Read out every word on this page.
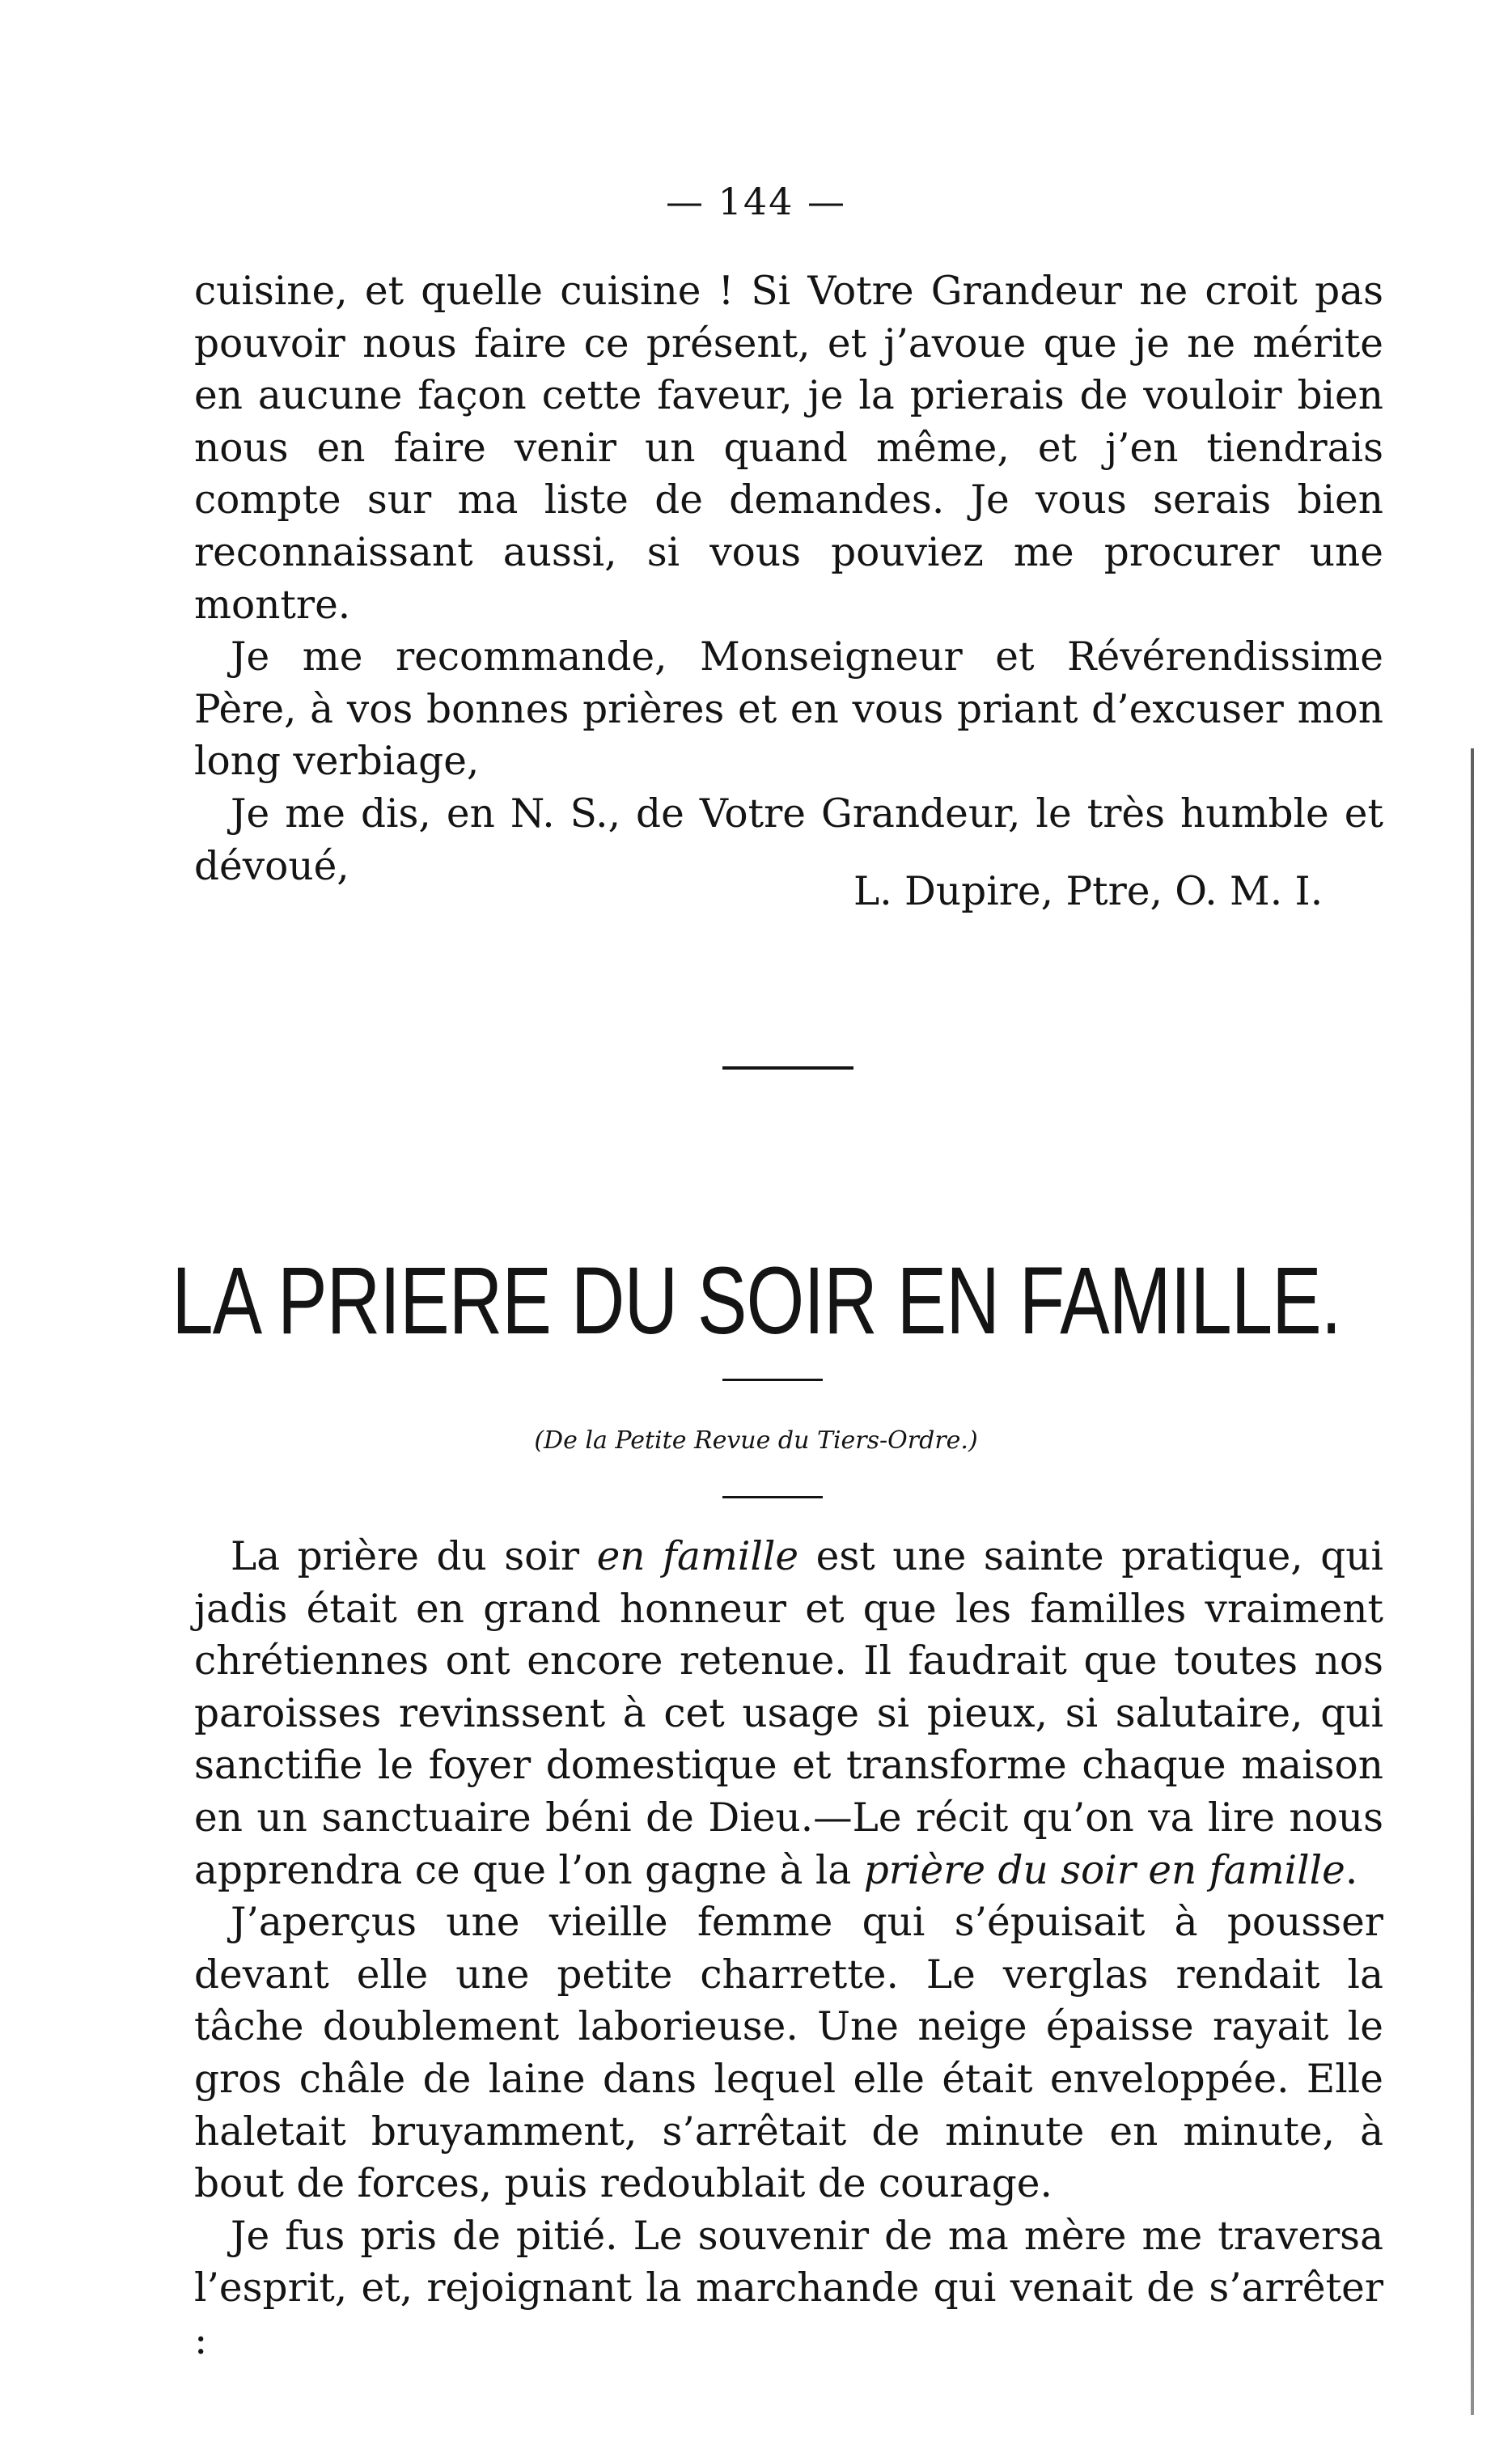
— 144 —

cuisine, et quelle cuisine ! Si Votre Grandeur ne croit pas pouvoir nous faire ce présent, et j’avoue que je ne mérite en aucune façon cette faveur, je la prierais de vouloir bien nous en faire venir un quand même, et j’en tiendrais compte sur ma liste de demandes. Je vous serais bien reconnaissant aussi, si vous pouviez me procurer une montre.

Je me recommande, Monseigneur et Révérendissime Père, à vos bonnes prières et en vous priant d’excuser mon long verbiage,

Je me dis, en N. S., de Votre Grandeur, le très humble et dévoué,

L. Dupire, Ptre, O. M. I.
LA PRIERE DU SOIR EN FAMILLE.
(De la Petite Revue du Tiers-Ordre.)

La prière du soir en famille est une sainte pratique, qui jadis était en grand honneur et que les familles vraiment chrétiennes ont encore retenue. Il faudrait que toutes nos paroisses revinssent à cet usage si pieux, si salutaire, qui sanctifie le foyer domestique et transforme chaque maison en un sanctuaire béni de Dieu.—Le récit qu’on va lire nous apprendra ce que l’on gagne à la prière du soir en famille.

J’aperçus une vieille femme qui s’épuisait à pousser devant elle une petite charrette. Le verglas rendait la tâche doublement laborieuse. Une neige épaisse rayait le gros châle de laine dans lequel elle était enveloppée. Elle haletait bruyamment, s’arrêtait de minute en minute, à bout de forces, puis redoublait de courage.

Je fus pris de pitié. Le souvenir de ma mère me traversa l’esprit, et, rejoignant la marchande qui venait de s’arrêter :
